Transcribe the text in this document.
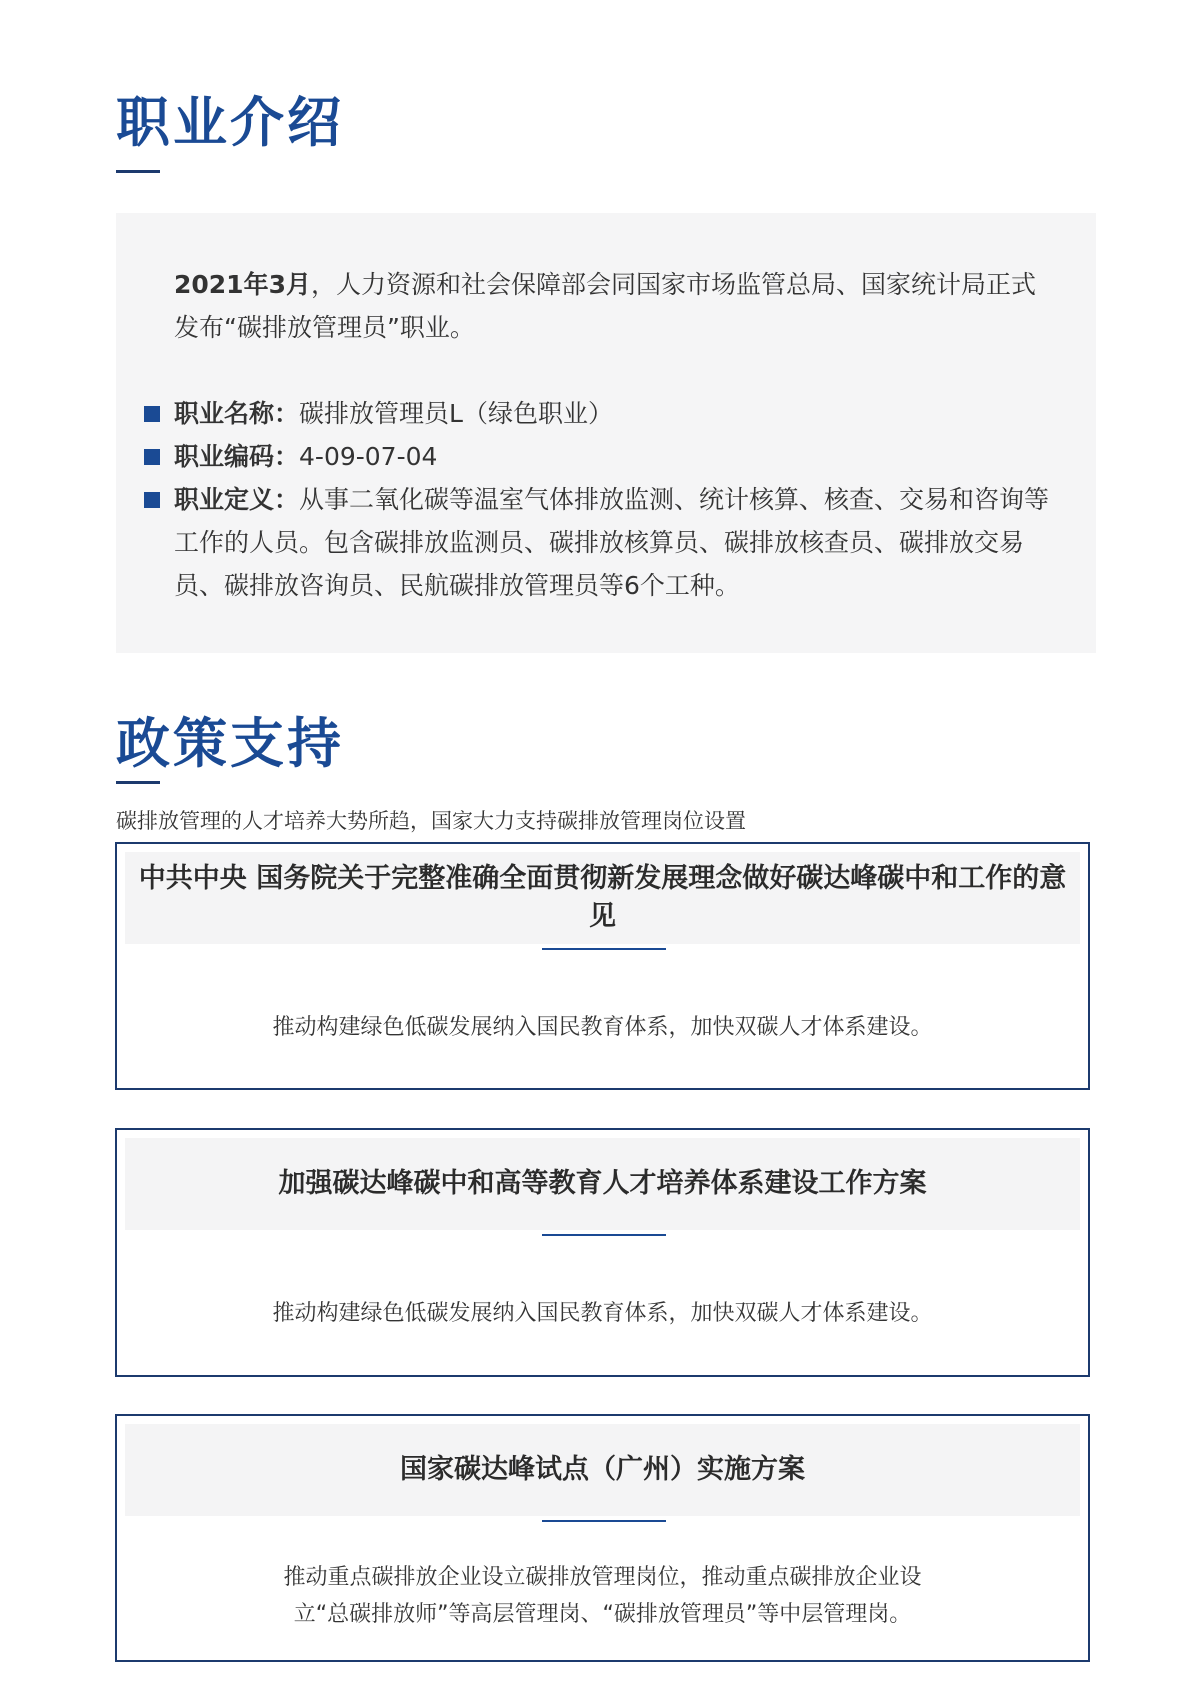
职业介绍

2021年3月，人力资源和社会保障部会同国家市场监管总局、国家统计局正式发布“碳排放管理员”职业。

职业名称：碳排放管理员L（绿色职业）
职业编码：4-09-07-04
职业定义：从事二氧化碳等温室气体排放监测、统计核算、核查、交易和咨询等工作的人员。包含碳排放监测员、碳排放核算员、碳排放核查员、碳排放交易员、碳排放咨询员、民航碳排放管理员等6个工种。
政策支持

碳排放管理的人才培养大势所趋，国家大力支持碳排放管理岗位设置

中共中央 国务院关于完整准确全面贯彻新发展理念做好碳达峰碳中和工作的意见
推动构建绿色低碳发展纳入国民教育体系，加快双碳人才体系建设。
加强碳达峰碳中和高等教育人才培养体系建设工作方案
推动构建绿色低碳发展纳入国民教育体系，加快双碳人才体系建设。
国家碳达峰试点（广州）实施方案
推动重点碳排放企业设立碳排放管理岗位，推动重点碳排放企业设立“总碳排放师”等高层管理岗、“碳排放管理员”等中层管理岗。
